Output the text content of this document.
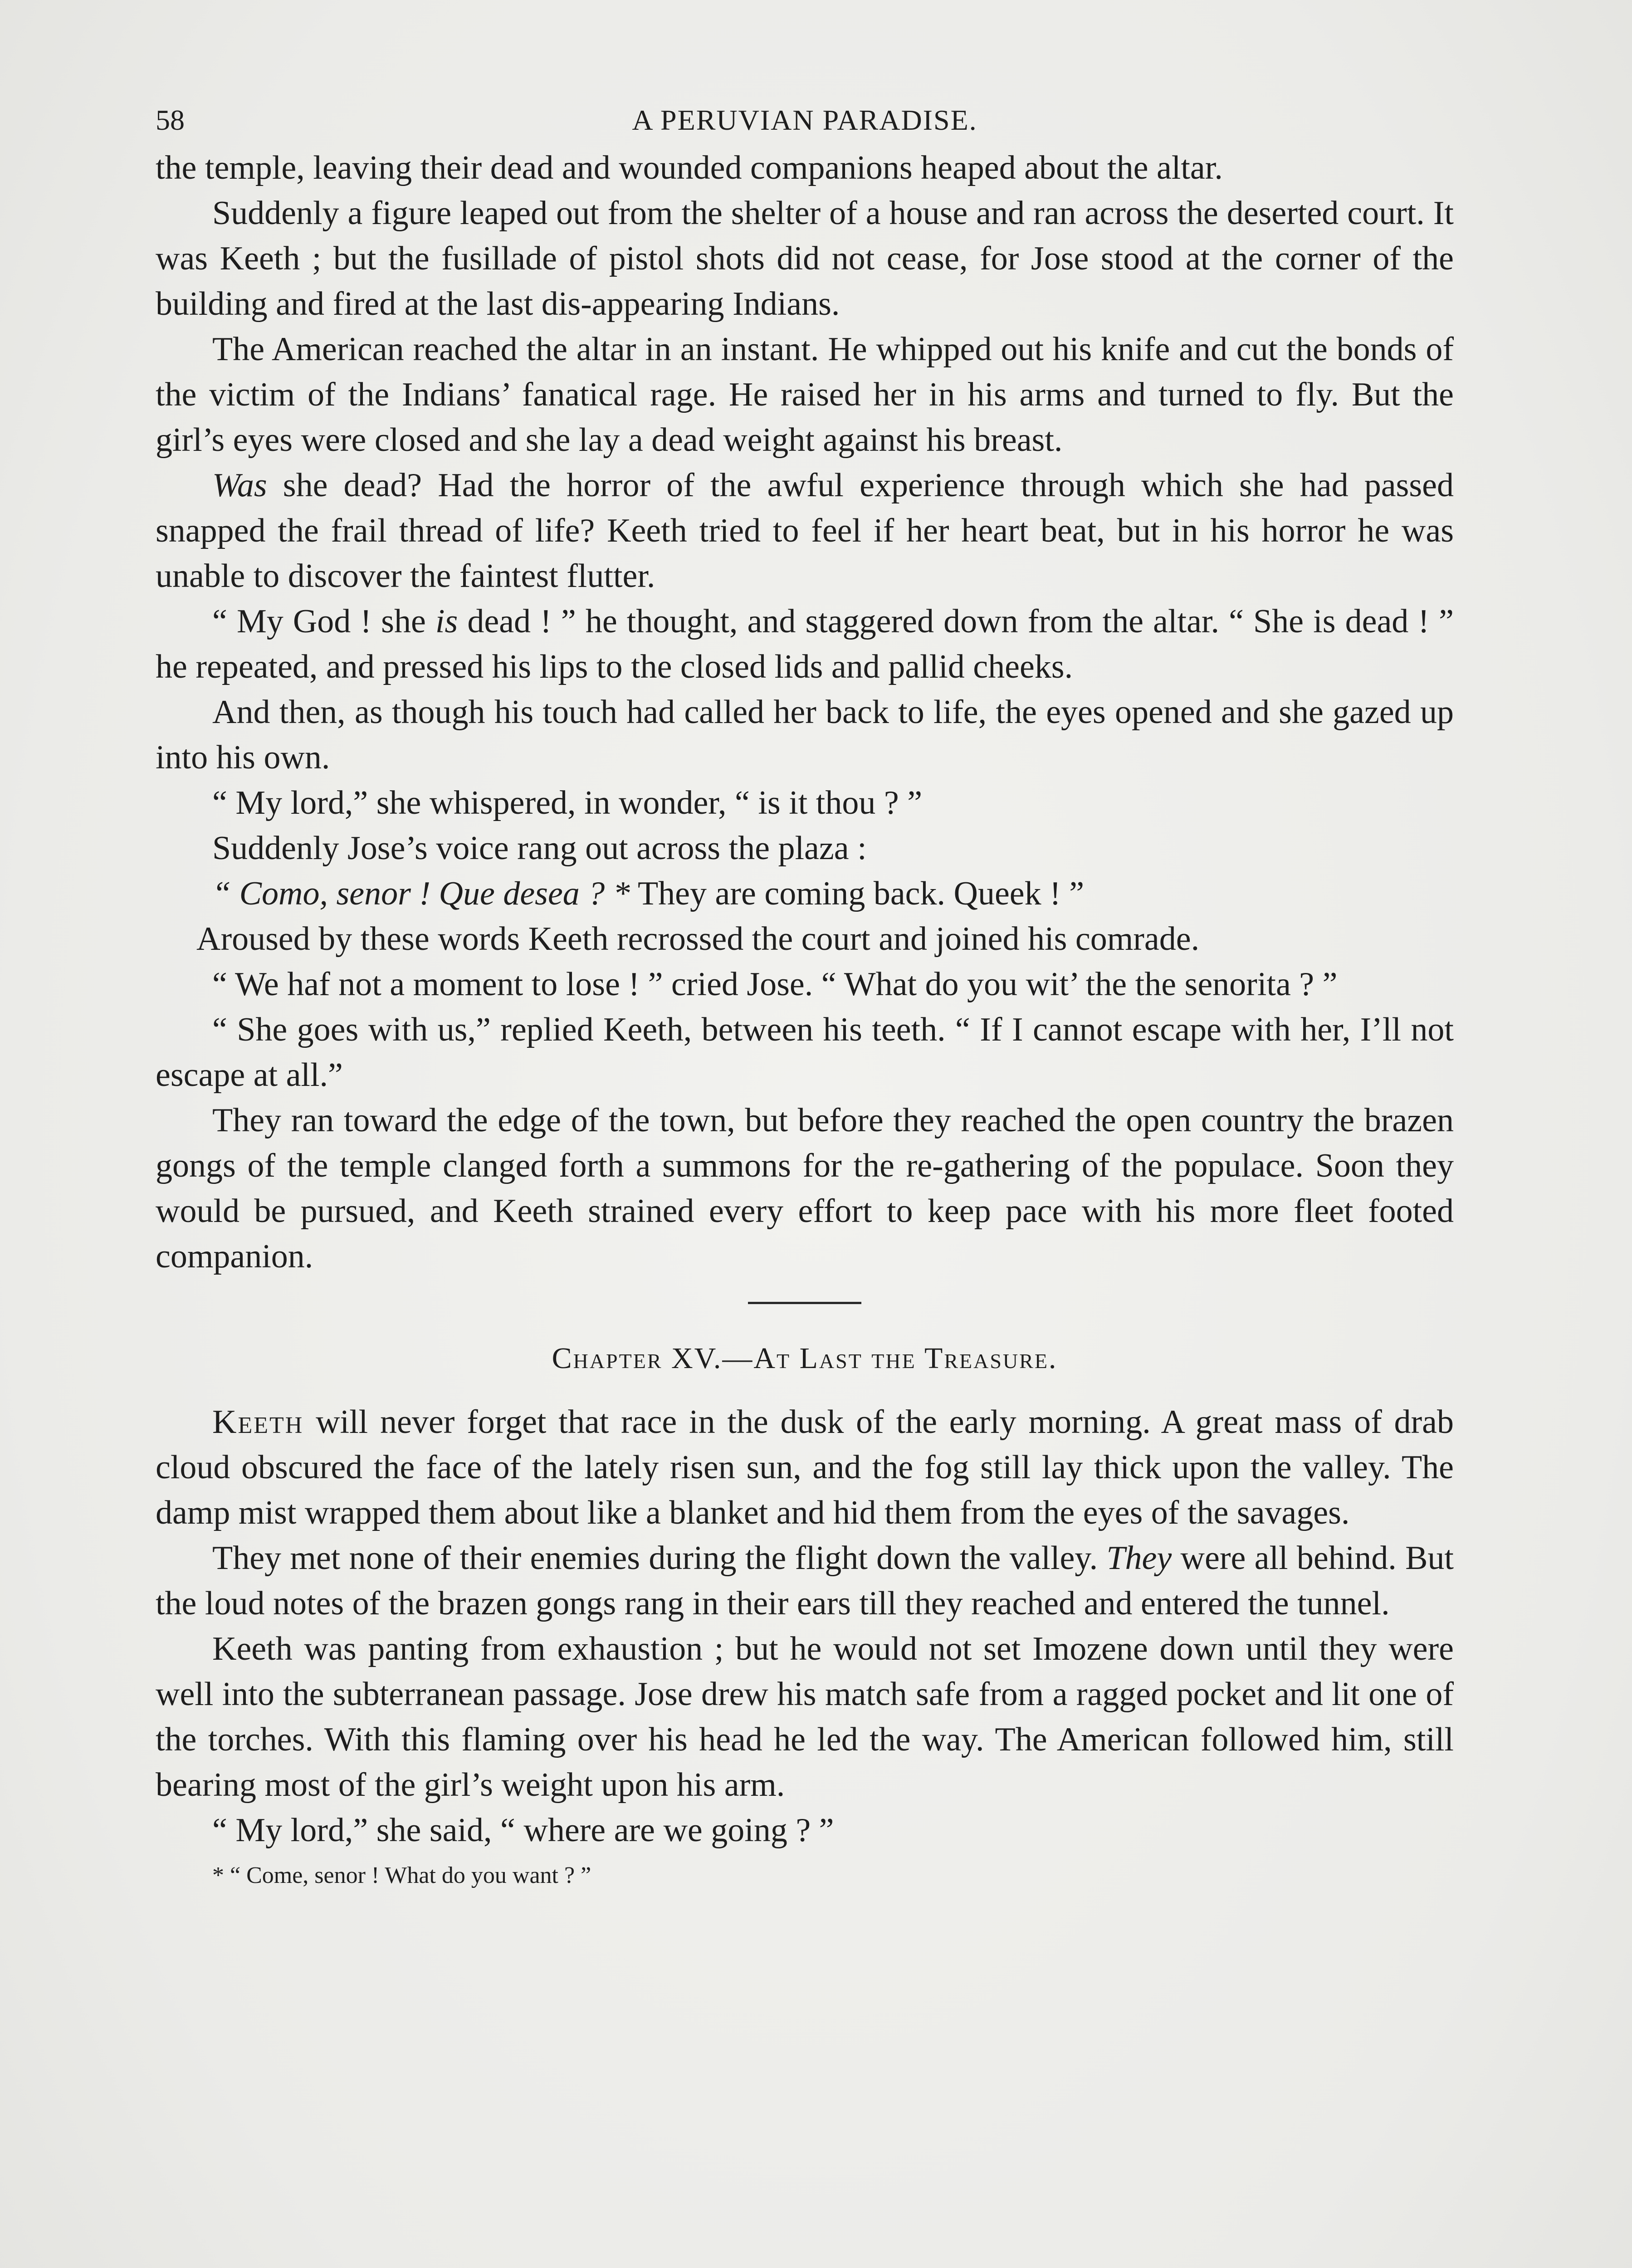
58	A PERUVIAN PARADISE.

the temple, leaving their dead and wounded companions heaped about the altar.

Suddenly a figure leaped out from the shelter of a house and ran across the deserted court. It was Keeth ; but the fusillade of pistol shots did not cease, for Jose stood at the corner of the building and fired at the last dis-appearing Indians.

The American reached the altar in an instant. He whipped out his knife and cut the bonds of the victim of the Indians’ fanatical rage. He raised her in his arms and turned to fly. But the girl’s eyes were closed and she lay a dead weight against his breast.

Was she dead? Had the horror of the awful experience through which she had passed snapped the frail thread of life? Keeth tried to feel if her heart beat, but in his horror he was unable to discover the faintest flutter.

“ My God ! she is dead ! ” he thought, and staggered down from the altar. “ She is dead ! ” he repeated, and pressed his lips to the closed lids and pallid cheeks.

And then, as though his touch had called her back to life, the eyes opened and she gazed up into his own.

“ My lord,” she whispered, in wonder, “ is it thou ? ”

Suddenly Jose’s voice rang out across the plaza :

“ Como, senor ! Que desea ? * They are coming back. Queek ! ”

Aroused by these words Keeth recrossed the court and joined his comrade.

“ We haf not a moment to lose ! ” cried Jose. “ What do you wit’ the the senorita ? ”

“ She goes with us,” replied Keeth, between his teeth. “ If I cannot escape with her, I’ll not escape at all.”

They ran toward the edge of the town, but before they reached the open country the brazen gongs of the temple clanged forth a summons for the re-gathering of the populace. Soon they would be pursued, and Keeth strained every effort to keep pace with his more fleet footed companion.

Chapter XV.—At Last the Treasure.

Keeth will never forget that race in the dusk of the early morning. A great mass of drab cloud obscured the face of the lately risen sun, and the fog still lay thick upon the valley. The damp mist wrapped them about like a blanket and hid them from the eyes of the savages.

They met none of their enemies during the flight down the valley. They were all behind. But the loud notes of the brazen gongs rang in their ears till they reached and entered the tunnel.

Keeth was panting from exhaustion ; but he would not set Imozene down until they were well into the subterranean passage. Jose drew his match safe from a ragged pocket and lit one of the torches. With this flaming over his head he led the way. The American followed him, still bearing most of the girl’s weight upon his arm.

“ My lord,” she said, “ where are we going ? ”

* “ Come, senor ! What do you want ? ”
